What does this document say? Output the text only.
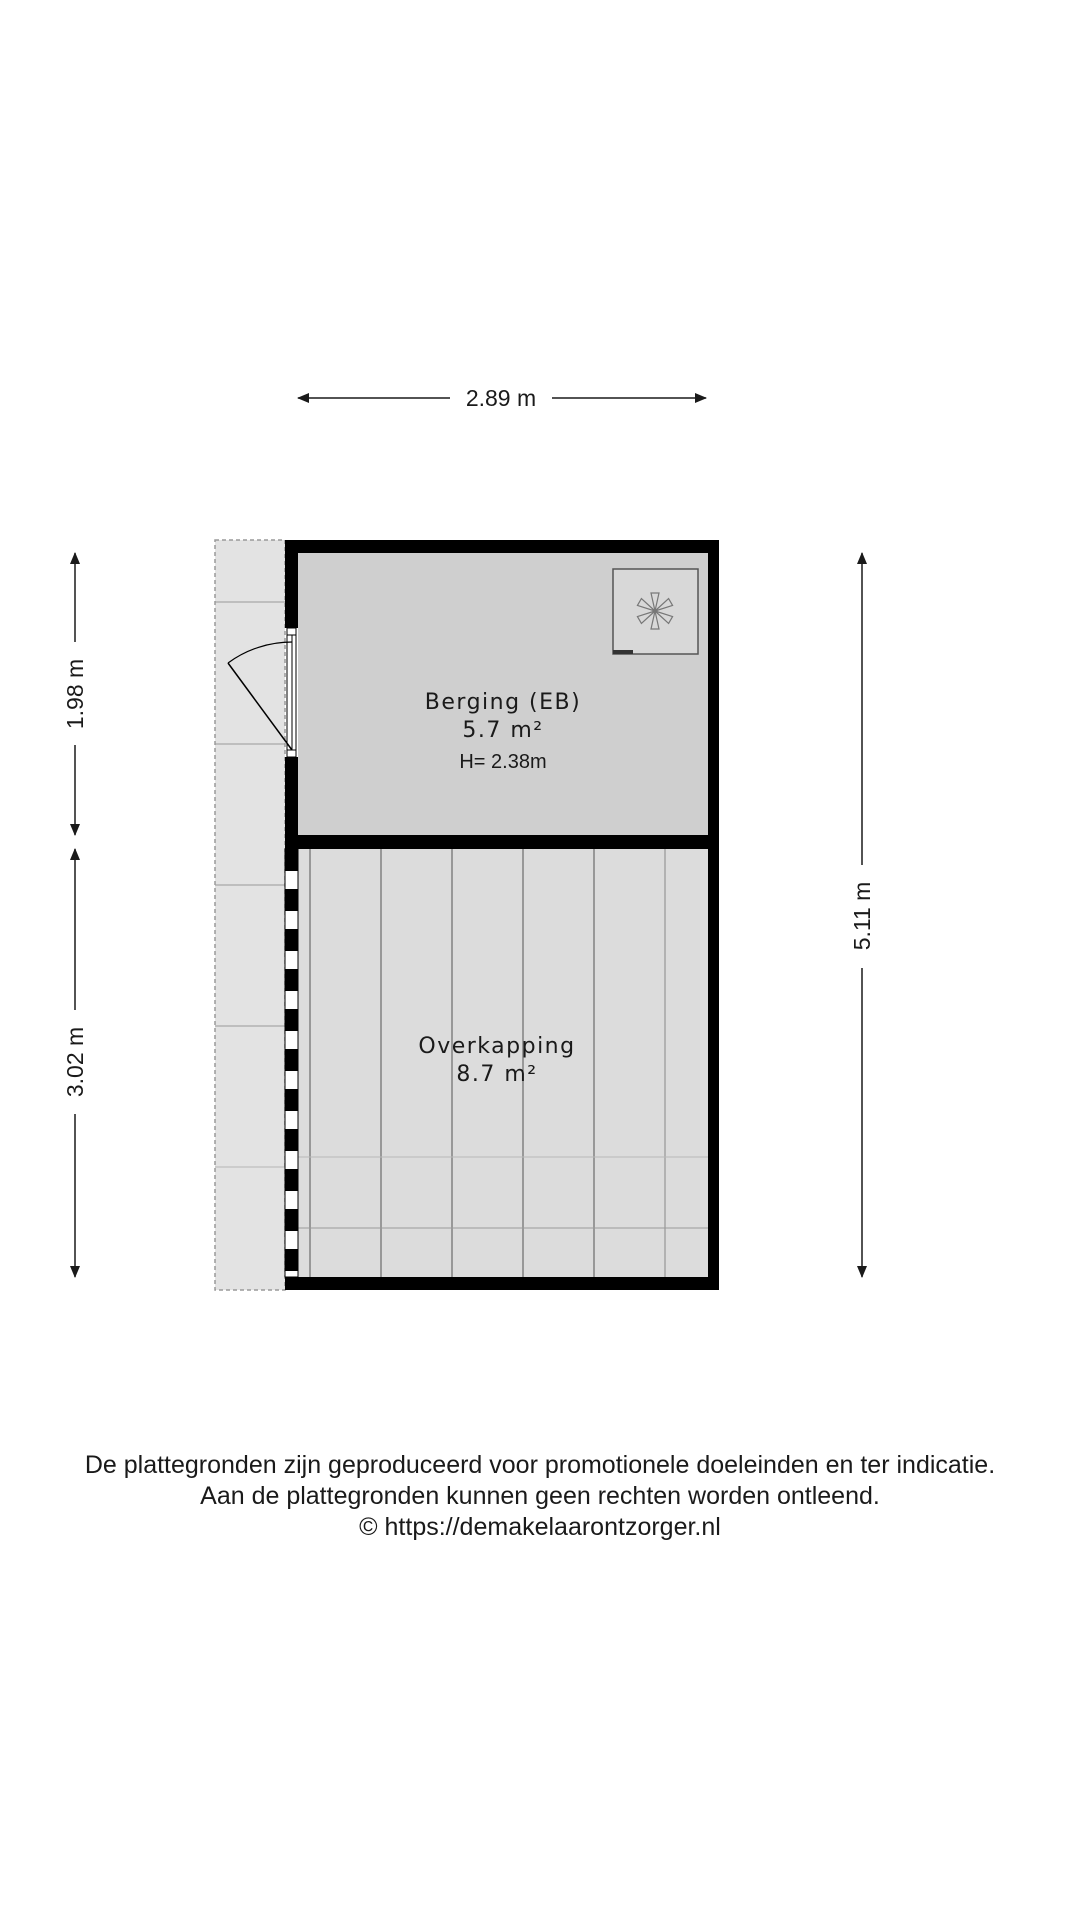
Berging (EB)
5.7 m²
H= 2.38m
Overkapping
8.7 m²
2.89 m
1.98 m
3.02 m
5.11 m
De plattegronden zijn geproduceerd voor promotionele doeleinden en ter indicatie.
Aan de plattegronden kunnen geen rechten worden ontleend.
© https://demakelaarontzorger.nl
